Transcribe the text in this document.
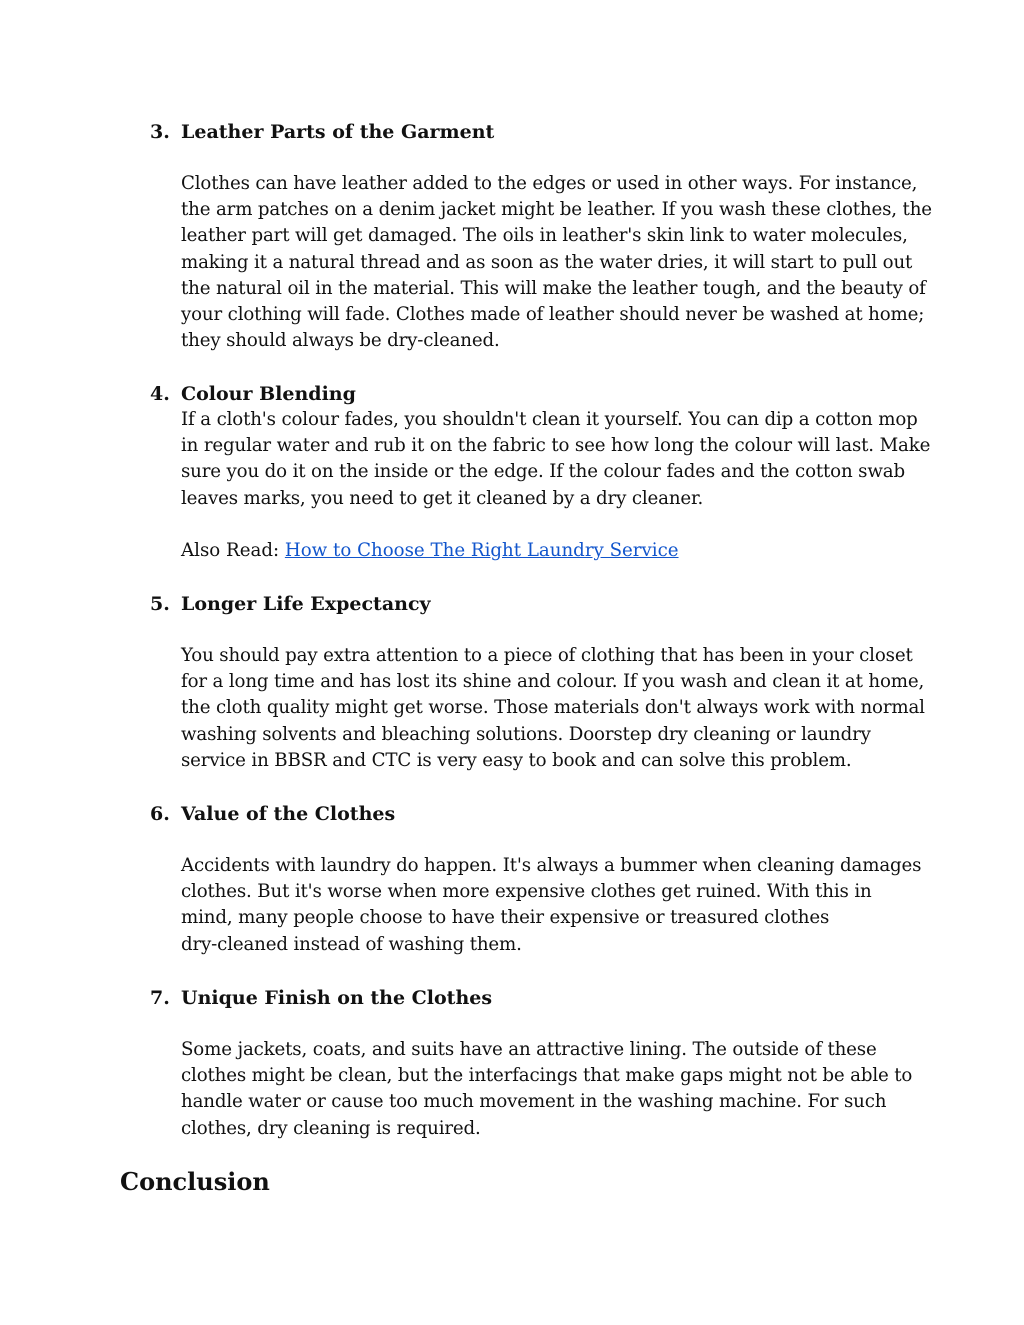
3. Leather Parts of the Garment
Clothes can have leather added to the edges or used in other ways. For instance,
the arm patches on a denim jacket might be leather. If you wash these clothes, the
leather part will get damaged. The oils in leather's skin link to water molecules,
making it a natural thread and as soon as the water dries, it will start to pull out
the natural oil in the material. This will make the leather tough, and the beauty of
your clothing will fade. Clothes made of leather should never be washed at home;
they should always be dry-cleaned.
4. Colour Blending
If a cloth's colour fades, you shouldn't clean it yourself. You can dip a cotton mop
in regular water and rub it on the fabric to see how long the colour will last. Make
sure you do it on the inside or the edge. If the colour fades and the cotton swab
leaves marks, you need to get it cleaned by a dry cleaner.
Also Read: How to Choose The Right Laundry Service
5. Longer Life Expectancy
You should pay extra attention to a piece of clothing that has been in your closet
for a long time and has lost its shine and colour. If you wash and clean it at home,
the cloth quality might get worse. Those materials don't always work with normal
washing solvents and bleaching solutions. Doorstep dry cleaning or laundry
service in BBSR and CTC is very easy to book and can solve this problem.
6. Value of the Clothes
Accidents with laundry do happen. It's always a bummer when cleaning damages
clothes. But it's worse when more expensive clothes get ruined. With this in
mind, many people choose to have their expensive or treasured clothes
dry-cleaned instead of washing them.
7. Unique Finish on the Clothes
Some jackets, coats, and suits have an attractive lining. The outside of these
clothes might be clean, but the interfacings that make gaps might not be able to
handle water or cause too much movement in the washing machine. For such
clothes, dry cleaning is required.
Conclusion
